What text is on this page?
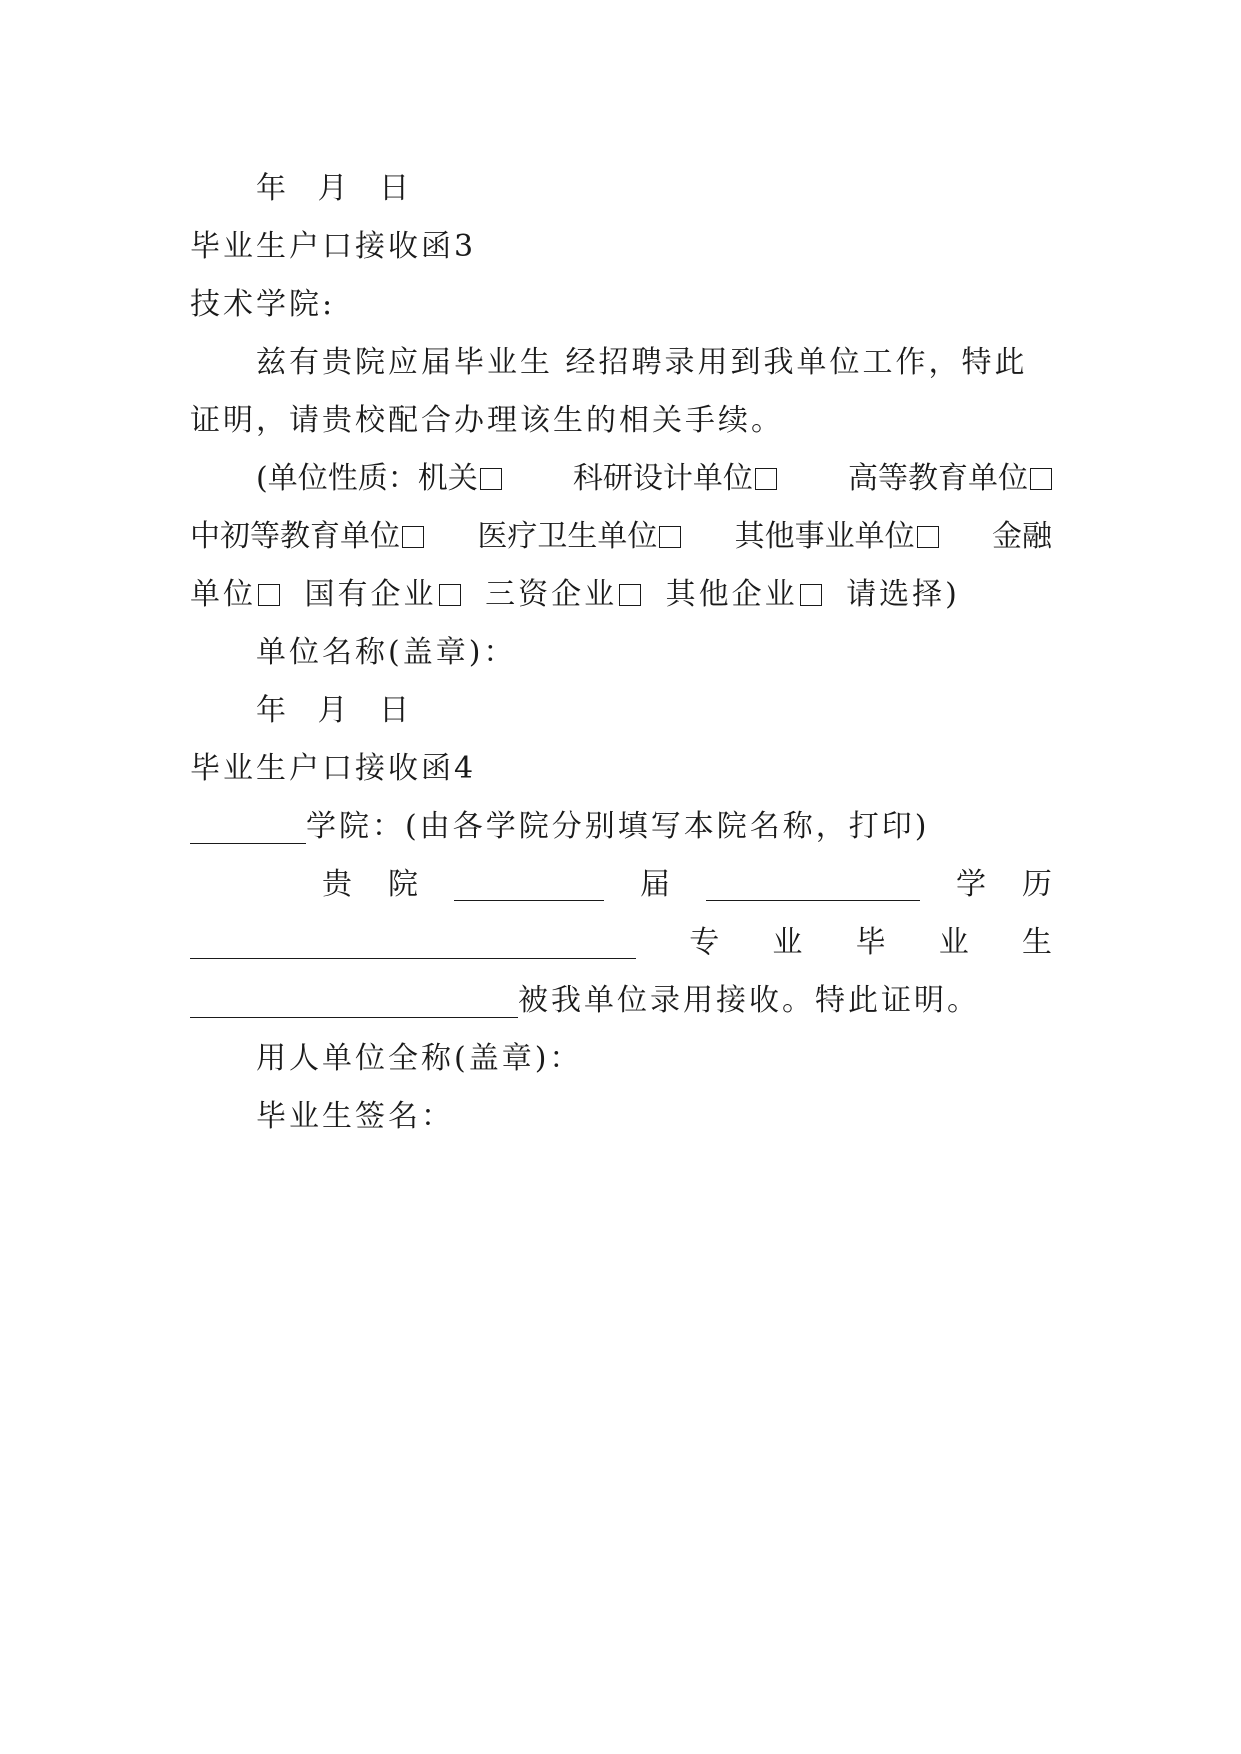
年 月 日
毕业生户口接收函3
技术学院:
兹有贵院应届毕业生 经招聘录用到我单位工作，特此
证明，请贵校配合办理该生的相关手续。
(单位性质：机关	科研设计单位	高等教育单位
中初等教育单位	医疗卫生单位	其他事业单位	金融
单位 国有企业 三资企业 其他企业 请选择)
单位名称(盖章)：
年 月 日
毕业生户口接收函4
学院：(由各学院分别填写本院名称，打印)
贵 院	届	学 历
专 业 毕 业 生
被我单位录用接收。特此证明。
用人单位全称(盖章)：
毕业生签名：
